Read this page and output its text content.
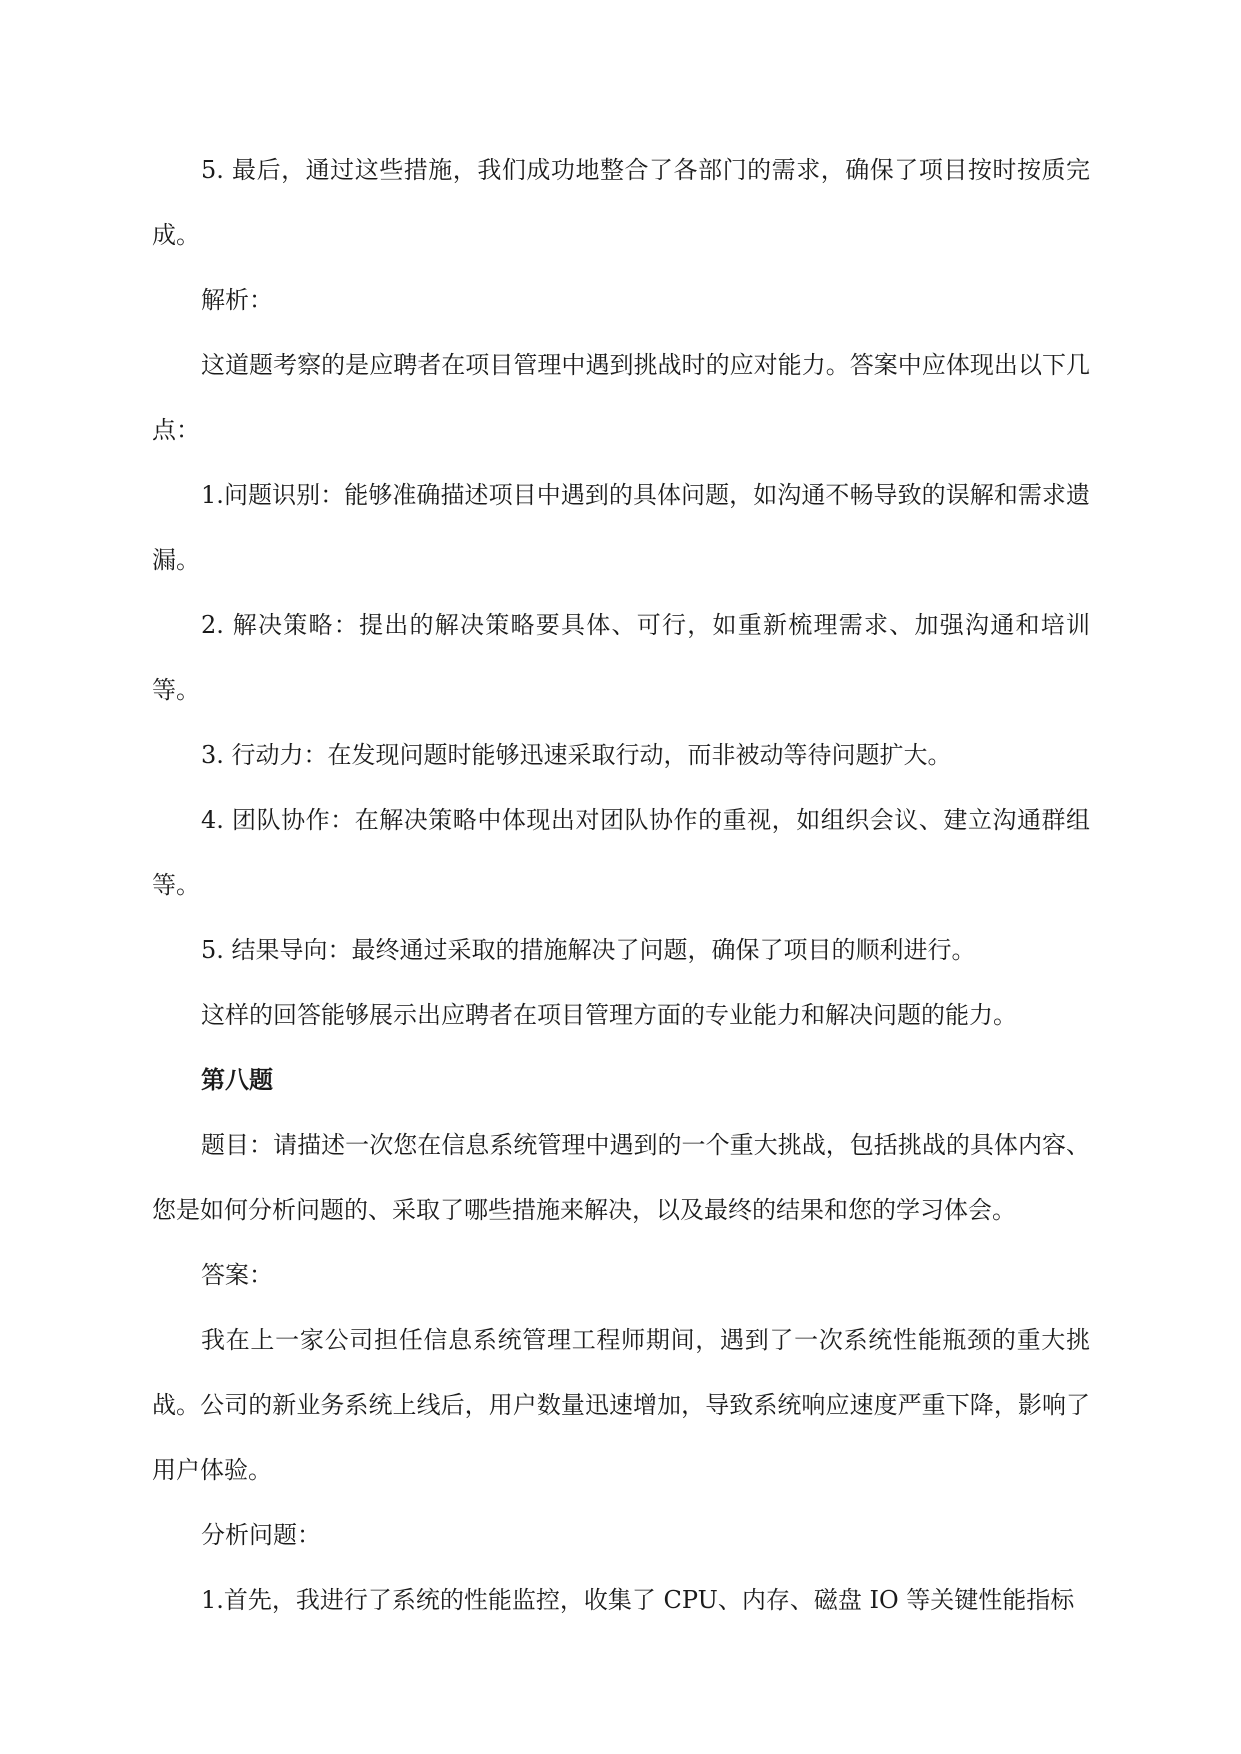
5. 最后，通过这些措施，我们成功地整合了各部门的需求，确保了项目按时按质完成。

解析：

这道题考察的是应聘者在项目管理中遇到挑战时的应对能力。答案中应体现出以下几点：

1.问题识别：能够准确描述项目中遇到的具体问题，如沟通不畅导致的误解和需求遗漏。

2. 解决策略：提出的解决策略要具体、可行，如重新梳理需求、加强沟通和培训等。

3. 行动力：在发现问题时能够迅速采取行动，而非被动等待问题扩大。

4. 团队协作：在解决策略中体现出对团队协作的重视，如组织会议、建立沟通群组等。

5. 结果导向：最终通过采取的措施解决了问题，确保了项目的顺利进行。

这样的回答能够展示出应聘者在项目管理方面的专业能力和解决问题的能力。

第八题

题目：请描述一次您在信息系统管理中遇到的一个重大挑战，包括挑战的具体内容、您是如何分析问题的、采取了哪些措施来解决，以及最终的结果和您的学习体会。

答案：

我在上一家公司担任信息系统管理工程师期间，遇到了一次系统性能瓶颈的重大挑战。公司的新业务系统上线后，用户数量迅速增加，导致系统响应速度严重下降，影响了用户体验。

分析问题：

1.首先，我进行了系统的性能监控，收集了 CPU、内存、磁盘 IO 等关键性能指标
